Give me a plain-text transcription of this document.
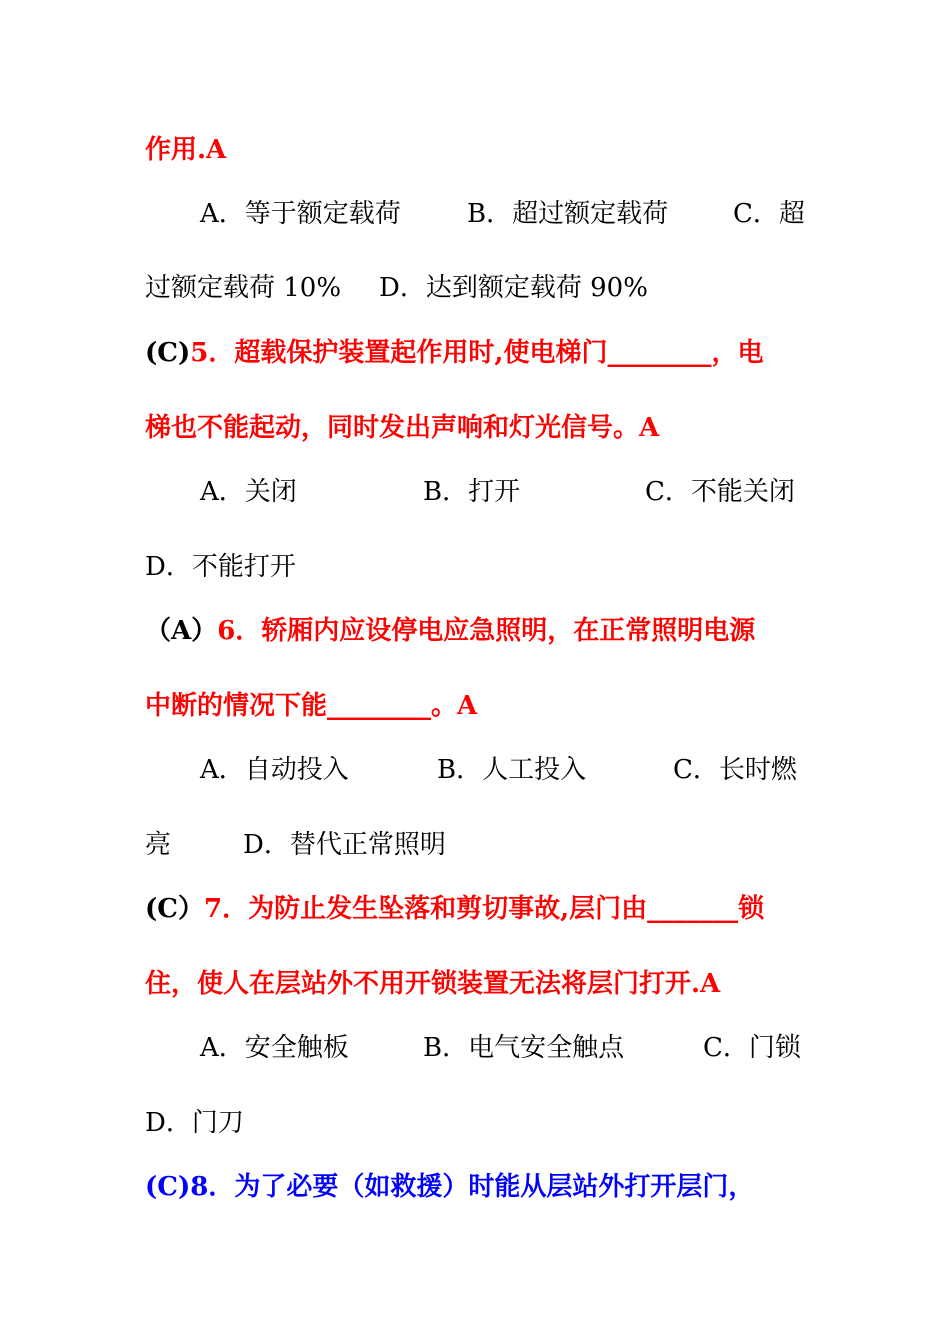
作用.A
A．等于额定载荷	B．超过额定载荷 C．超
过额定载荷 10% D．达到额定载荷 90%
(C)5．超载保护装置起作用时,使电梯门________，电
梯也不能起动，同时发出声响和灯光信号。A
A．关闭	B．打开	C．不能关闭
D．不能打开
（A）6．轿厢内应设停电应急照明，在正常照明电源
中断的情况下能________。A
A．自动投入	B．人工投入	C．长时燃
亮	D．替代正常照明
(C）7．为防止发生坠落和剪切事故,层门由_______锁
住，使人在层站外不用开锁装置无法将层门打开.A
A．安全触板	B．电气安全触点	C．门锁
D．门刀
(C)8．为了必要（如救援）时能从层站外打开层门，
